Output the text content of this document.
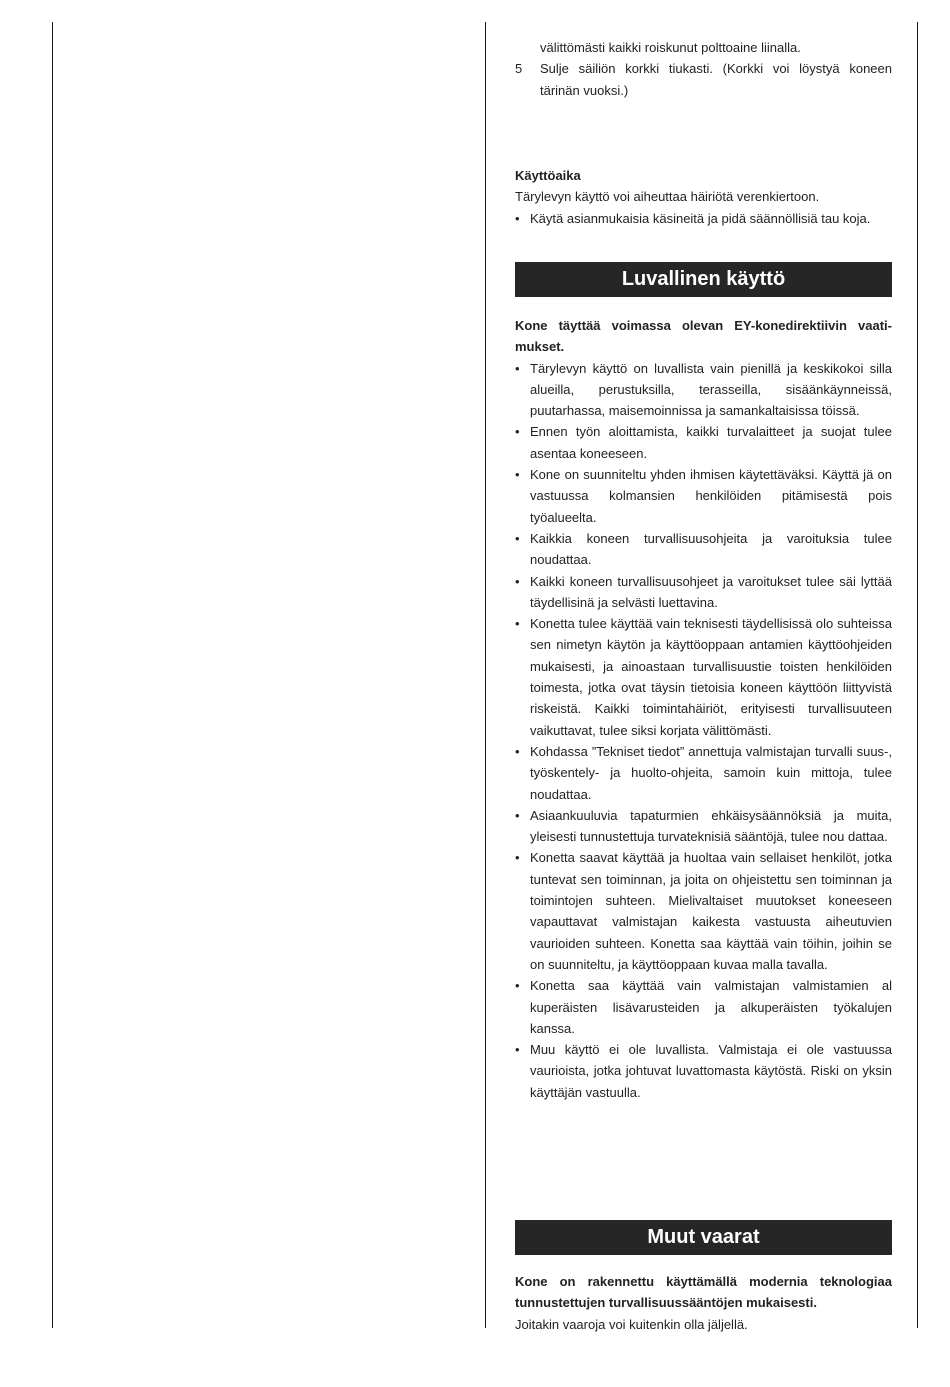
välittömästi kaikki roiskunut polttoaine liinalla.
5	Sulje säiliön korkki tiukasti. (Korkki voi löystyä koneen tärinän vuoksi.)
Käyttöaika
Tärylevyn käyttö voi aiheuttaa häiriötä verenkiertoon.
• Käytä asianmukaisia käsineitä ja pidä säännöllisiä tau koja.
Luvallinen käyttö
Kone täyttää voimassa olevan EY-konedirektiivin vaati- mukset.
• Tärylevyn käyttö on luvallista vain pienillä ja keskikokoi silla alueilla, perustuksilla, terasseilla, sisäänkäynneissä, puutarhassa, maisemoinnissa ja samankaltaisissa töissä.
• Ennen työn aloittamista, kaikki turvalaitteet ja suojat tulee asentaa koneeseen.
• Kone on suunniteltu yhden ihmisen käytettäväksi. Käyttä jä on vastuussa kolmansien henkilöiden pitämisestä pois työalueelta.
• Kaikkia koneen turvallisuusohjeita ja varoituksia tulee noudattaa.
• Kaikki koneen turvallisuusohjeet ja varoitukset tulee säi lyttää täydellisinä ja selvästi luettavina.
• Konetta tulee käyttää vain teknisesti täydellisissä olo suhteissa sen nimetyn käytön ja käyttöoppaan antamien käyttöohjeiden mukaisesti, ja ainoastaan turvallisuustie toisten henkilöiden toimesta, jotka ovat täysin tietoisia koneen käyttöön liittyvistä riskeistä. Kaikki toimintahäiriöt, erityisesti turvallisuuteen vaikuttavat, tulee siksi korjata välittömästi.
• Kohdassa ”Tekniset tiedot” annettuja valmistajan turvalli suus-, työskentely- ja huolto-ohjeita, samoin kuin mittoja, tulee noudattaa.
• Asiaankuuluvia tapaturmien ehkäisysäännöksiä ja muita, yleisesti tunnustettuja turvateknisiä sääntöjä, tulee nou dattaa.
• Konetta saavat käyttää ja huoltaa vain sellaiset henkilöt, jotka tuntevat sen toiminnan, ja joita on ohjeistettu sen toiminnan ja toimintojen suhteen. Mielivaltaiset muutokset koneeseen vapauttavat valmistajan kaikesta vastuusta aiheutuvien vaurioiden suhteen. Konetta saa käyttää vain töihin, joihin se on suunniteltu, ja käyttöoppaan kuvaa malla tavalla.
• Konetta saa käyttää vain valmistajan valmistamien al kuperäisten lisävarusteiden ja alkuperäisten työkalujen kanssa.
• Muu käyttö ei ole luvallista. Valmistaja ei ole vastuussa vaurioista, jotka johtuvat luvattomasta käytöstä. Riski on yksin käyttäjän vastuulla.
Muut vaarat
Kone on rakennettu käyttämällä modernia teknologiaa tunnustettujen turvallisuussääntöjen mukaisesti.
Joitakin vaaroja voi kuitenkin olla jäljellä.
